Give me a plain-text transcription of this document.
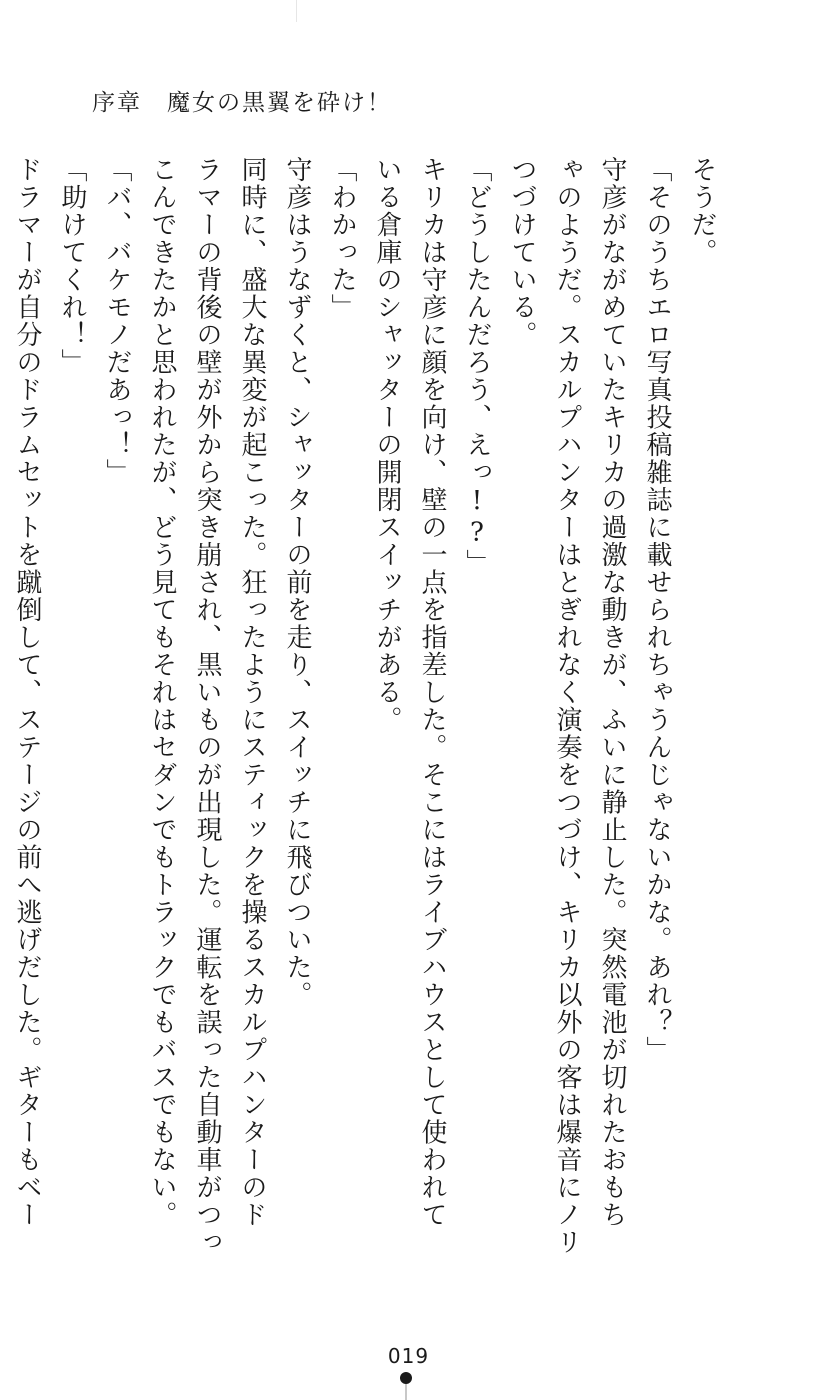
序章　魔女の黒翼を砕け！

そうだ。

「そのうちエロ写真投稿雑誌に載せられちゃうんじゃないかな。あれ？」

守彦がながめていたキリカの過激な動きが、ふいに静止した。突然電池が切れたおもち

ゃのようだ。スカルプハンターはとぎれなく演奏をつづけ、キリカ以外の客は爆音にノリ

つづけている。

「どうしたんだろう、えっ!?」

キリカは守彦に顔を向け、壁の一点を指差した。そこにはライブハウスとして使われて

いる倉庫のシャッターの開閉スイッチがある。

「わかった」

守彦はうなずくと、シャッターの前を走り、スイッチに飛びついた。

同時に、盛大な異変が起こった。狂ったようにスティックを操るスカルプハンターのド

ラマーの背後の壁が外から突き崩され、黒いものが出現した。運転を誤った自動車がつっ

こんできたかと思われたが、どう見てもそれはセダンでもトラックでもバスでもない。

「バ、バケモノだあっ！」

「助けてくれ！」

ドラマーが自分のドラムセットを蹴倒して、ステージの前へ逃げだした。ギターもベー

019
